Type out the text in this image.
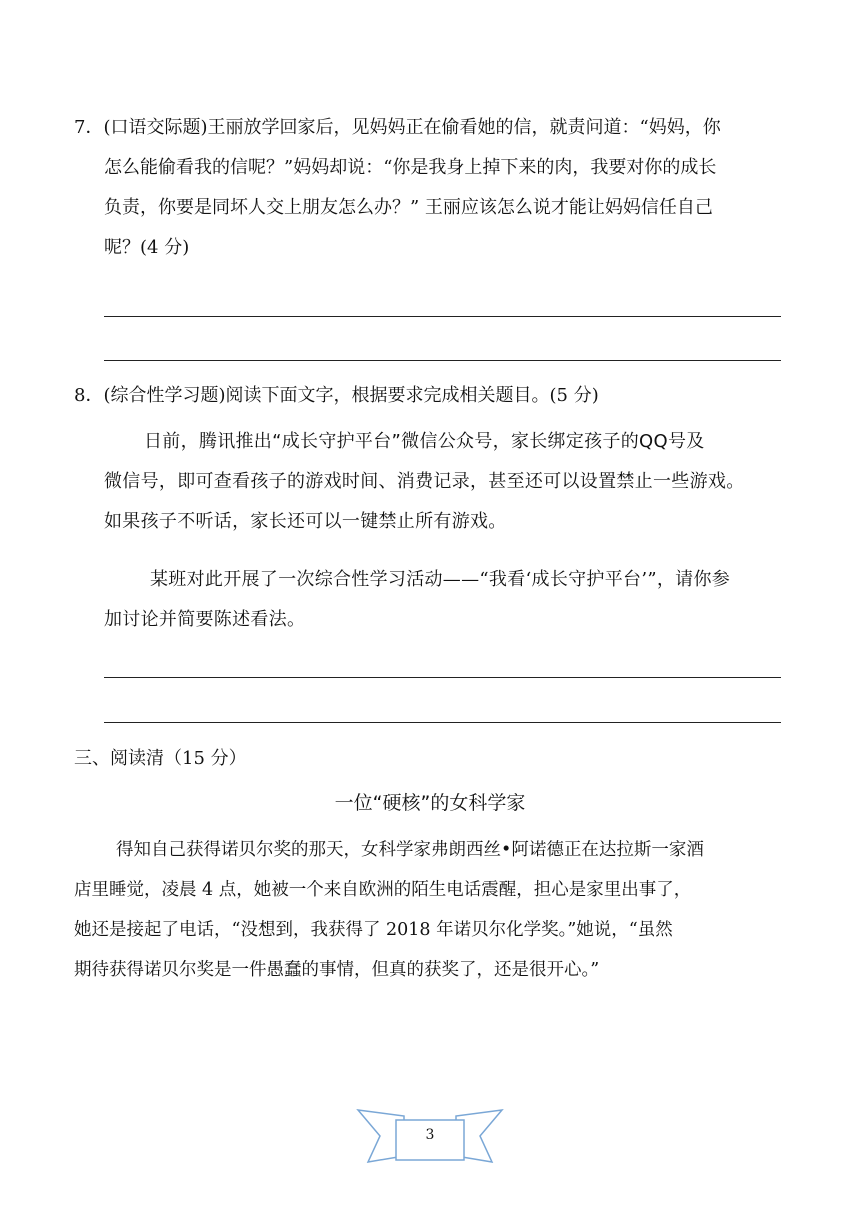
7．(口语交际题)王丽放学回家后，见妈妈正在偷看她的信，就责问道：“妈妈，你
怎么能偷看我的信呢？”妈妈却说：“你是我身上掉下来的肉，我要对你的成长
负责，你要是同坏人交上朋友怎么办？” 王丽应该怎么说才能让妈妈信任自己
呢？(4 分)
8．(综合性学习题)阅读下面文字，根据要求完成相关题目。(5 分)
日前，腾讯推出“成长守护平台”微信公众号，家长绑定孩子的QQ号及
微信号，即可查看孩子的游戏时间、消费记录，甚至还可以设置禁止一些游戏。
如果孩子不听话，家长还可以一键禁止所有游戏。
某班对此开展了一次综合性学习活动——“我看‘成长守护平台’”，请你参
加讨论并简要陈述看法。
三、阅读清（15 分）
一位“硬核”的女科学家
得知自己获得诺贝尔奖的那天，女科学家弗朗西丝•阿诺德正在达拉斯一家酒
店里睡觉，凌晨 4 点，她被一个来自欧洲的陌生电话震醒，担心是家里出事了，
她还是接起了电话，“没想到，我获得了 2018 年诺贝尔化学奖。”她说，“虽然
期待获得诺贝尔奖是一件愚蠢的事情，但真的获奖了，还是很开心。”
3
